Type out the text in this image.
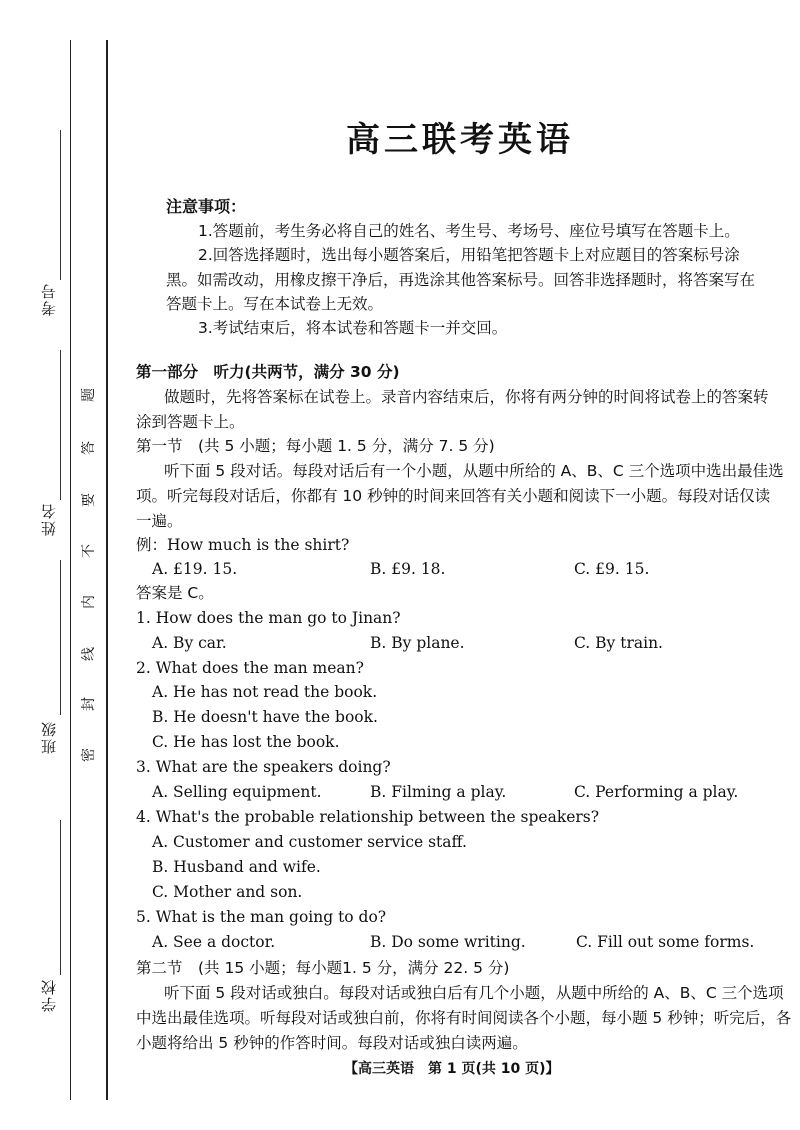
考号
姓名
班级
学校
题
答
要
不
内
线
封
密
高三联考英语
注意事项：
1.答题前，考生务必将自己的姓名、考生号、考场号、座位号填写在答题卡上。
2.回答选择题时，选出每小题答案后，用铅笔把答题卡上对应题目的答案标号涂
黑。如需改动，用橡皮擦干净后，再选涂其他答案标号。回答非选择题时，将答案写在
答题卡上。写在本试卷上无效。
3.考试结束后，将本试卷和答题卡一并交回。
第一部分　听力(共两节，满分 30 分)
做题时，先将答案标在试卷上。录音内容结束后，你将有两分钟的时间将试卷上的答案转
涂到答题卡上。
第一节　(共 5 小题；每小题 1. 5 分，满分 7. 5 分)
听下面 5 段对话。每段对话后有一个小题，从题中所给的 A、B、C 三个选项中选出最佳选
项。听完每段对话后，你都有 10 秒钟的时间来回答有关小题和阅读下一小题。每段对话仅读
一遍。
例：How much is the shirt?
A. £19. 15.	B. £9. 18.	C. £9. 15.
答案是 C。
1. How does the man go to Jinan?
A. By car.	B. By plane.	C. By train.
2. What does the man mean?
A. He has not read the book.
B. He doesn't have the book.
C. He has lost the book.
3. What are the speakers doing?
A. Selling equipment.	B. Filming a play.	C. Performing a play.
4. What's the probable relationship between the speakers?
A. Customer and customer service staff.
B. Husband and wife.
C. Mother and son.
5. What is the man going to do?
A. See a doctor.	B. Do some writing.	C. Fill out some forms.
第二节　(共 15 小题；每小题1. 5 分，满分 22. 5 分)
听下面 5 段对话或独白。每段对话或独白后有几个小题，从题中所给的 A、B、C 三个选项
中选出最佳选项。听每段对话或独白前，你将有时间阅读各个小题，每小题 5 秒钟；听完后，各
小题将给出 5 秒钟的作答时间。每段对话或独白读两遍。
【高三英语　第 1 页(共 10 页)】
